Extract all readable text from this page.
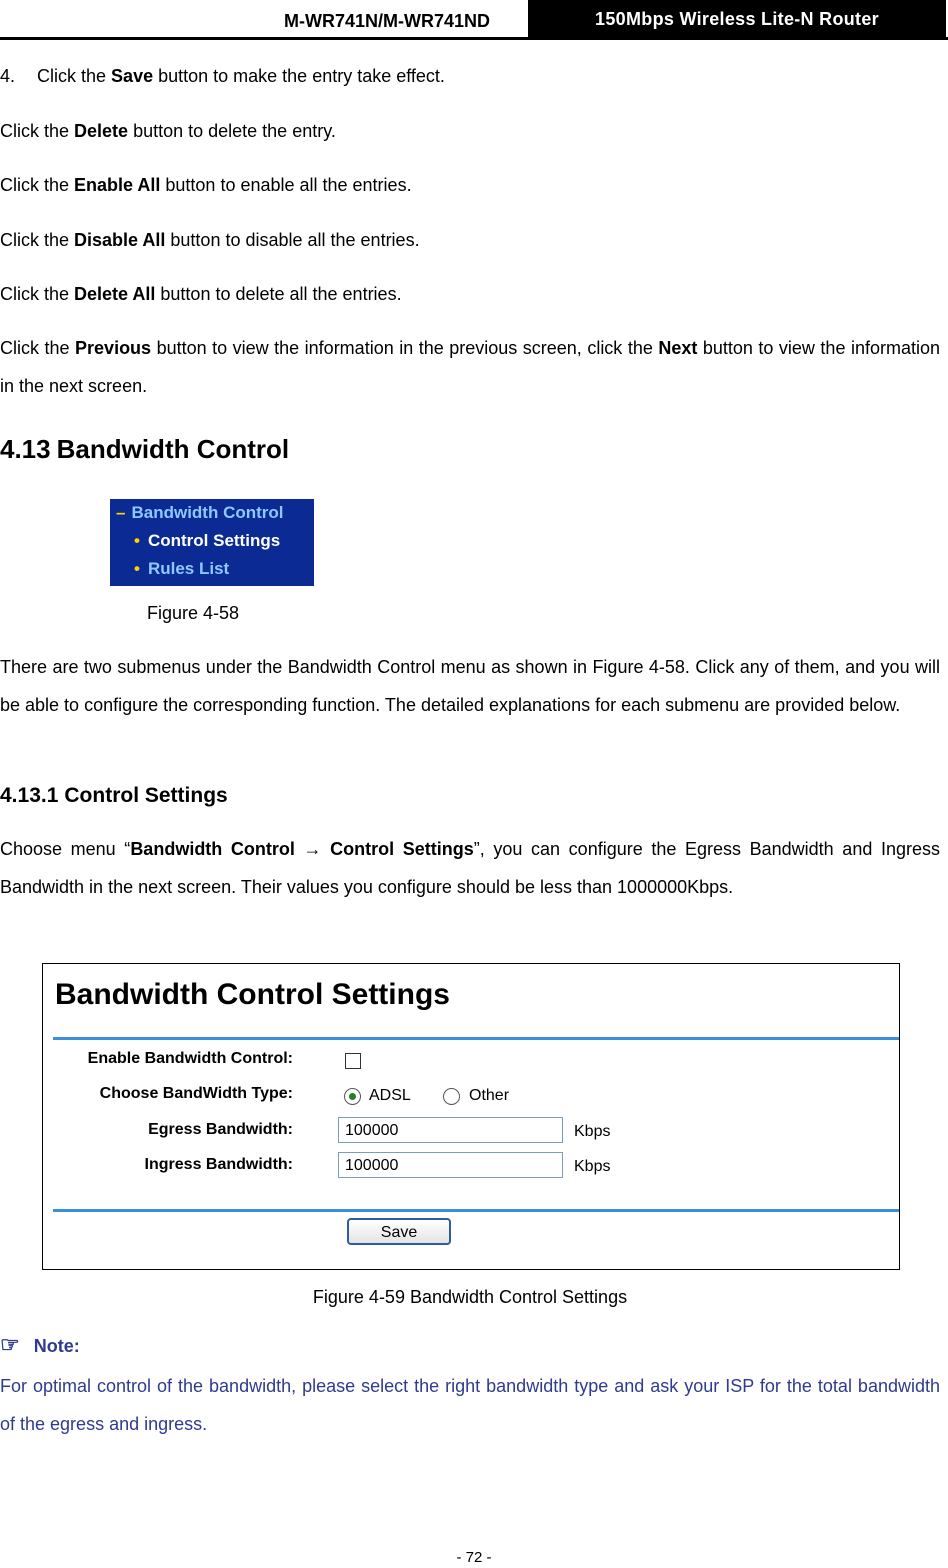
M-WR741N/M-WR741ND	150Mbps Wireless Lite-N Router
4. Click the Save button to make the entry take effect.
Click the Delete button to delete the entry.
Click the Enable All button to enable all the entries.
Click the Disable All button to disable all the entries.
Click the Delete All button to delete all the entries.
Click the Previous button to view the information in the previous screen, click the Next button to view the information in the next screen.
4.13 Bandwidth Control
– Bandwidth Control
• Control Settings
• Rules List
Figure 4-58
There are two submenus under the Bandwidth Control menu as shown in Figure 4-58. Click any of them, and you will be able to configure the corresponding function. The detailed explanations for each submenu are provided below.
4.13.1 Control Settings
Choose menu “Bandwidth Control → Control Settings”, you can configure the Egress Bandwidth and Ingress Bandwidth in the next screen. Their values you configure should be less than 1000000Kbps.
Bandwidth Control Settings
Enable Bandwidth Control:
Choose BandWidth Type:	ADSL	Other
Egress Bandwidth:	100000	Kbps
Ingress Bandwidth:	100000	Kbps
Save
Figure 4-59 Bandwidth Control Settings
☞ Note:
For optimal control of the bandwidth, please select the right bandwidth type and ask your ISP for the total bandwidth of the egress and ingress.
- 72 -
